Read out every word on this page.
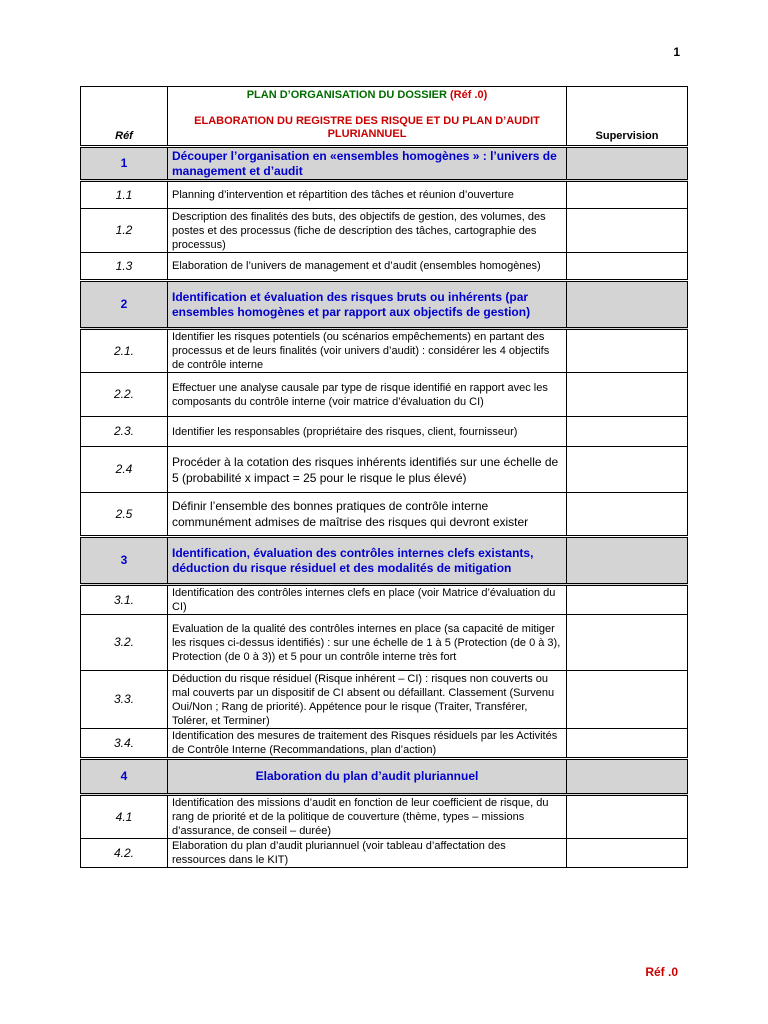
1
Réf	PLAN D’ORGANISATION DU DOSSIER (Réf .0)
ELABORATION DU REGISTRE DES RISQUE ET DU PLAN D’AUDIT PLURIANNUEL	Supervision
1	Découper l’organisation en «ensembles homogènes » : l’univers de management et d’audit	
1.1	Planning d’intervention et répartition des tâches et réunion d’ouverture	
1.2	Description des finalités des buts, des objectifs de gestion, des volumes, des postes et des processus (fiche de description des tâches, cartographie des processus)	
1.3	Elaboration de l’univers de management et d’audit (ensembles homogènes)	
2	Identification et évaluation des risques bruts ou inhérents (par ensembles homogènes et par rapport aux objectifs de gestion)	
2.1.	Identifier les risques potentiels (ou scénarios empêchements) en partant des processus et de leurs finalités (voir univers d’audit) : considérer les 4 objectifs de contrôle interne	
2.2.	Effectuer une analyse causale par type de risque identifié en rapport avec les composants du contrôle interne (voir matrice d’évaluation du CI)	
2.3.	Identifier les responsables (propriétaire des risques, client, fournisseur)	
2.4	Procéder à la cotation des risques inhérents identifiés sur une échelle de 5 (probabilité x impact = 25 pour le risque le plus élevé)	
2.5	Définir l’ensemble des bonnes pratiques de contrôle interne communément admises de maîtrise des risques qui devront exister	
3	Identification, évaluation des contrôles internes clefs existants, déduction du risque résiduel et des modalités de mitigation	
3.1.	Identification des contrôles internes clefs en place (voir Matrice d’évaluation du CI)	
3.2.	Evaluation de la qualité des contrôles internes en place (sa capacité de mitiger les risques ci-dessus identifiés) : sur une échelle de 1 à 5 (Protection (de 0 à 3), Protection (de 0 à 3)) et 5 pour un contrôle interne très fort	
3.3.	Déduction du risque résiduel (Risque inhérent – CI) : risques non couverts ou mal couverts par un dispositif de CI absent ou défaillant. Classement (Survenu Oui/Non ; Rang de priorité). Appétence pour le risque (Traiter, Transférer, Tolérer, et Terminer)	
3.4.	Identification des mesures de traitement des Risques résiduels par les Activités de Contrôle Interne (Recommandations, plan d’action)	
4	Elaboration du plan d’audit pluriannuel	
4.1	Identification des missions d’audit en fonction de leur coefficient de risque, du rang de priorité et de la politique de couverture (thème, types – missions d’assurance, de conseil – durée)	
4.2.	Elaboration du plan d’audit pluriannuel (voir tableau d’affectation des ressources dans le KIT)	
Réf .0
